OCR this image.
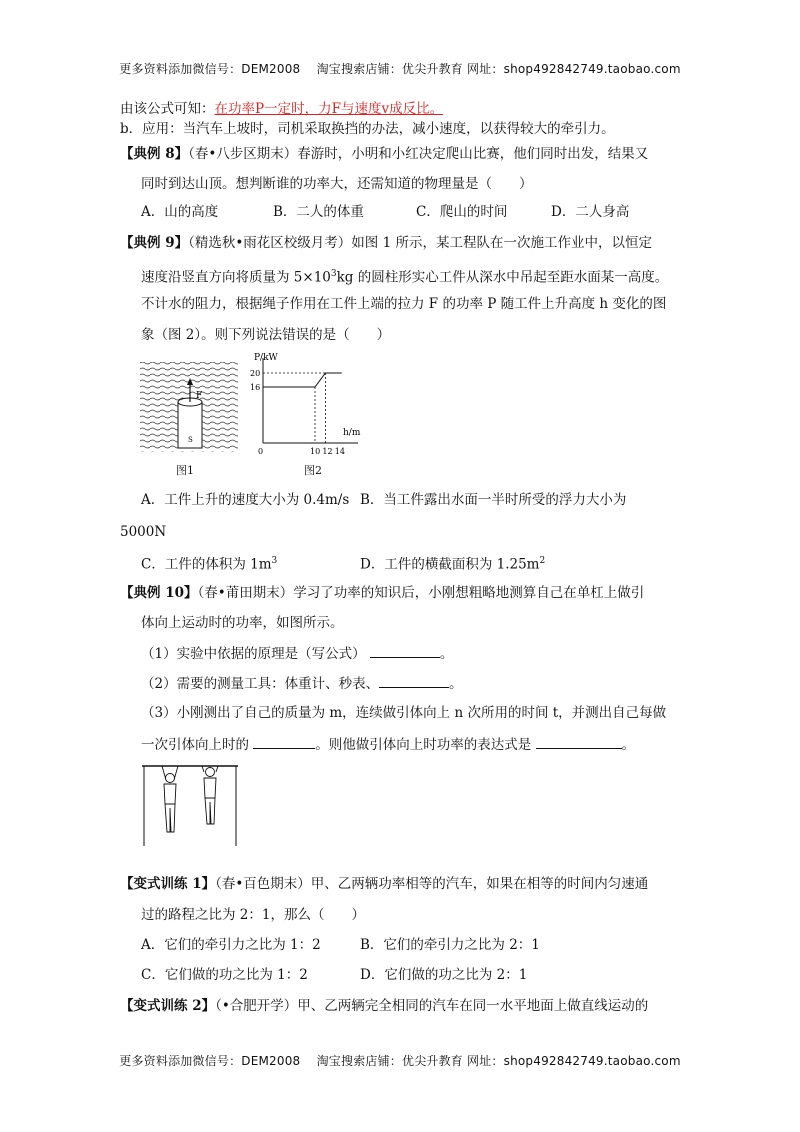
更多资料添加微信号：DEM2008　 淘宝搜索店铺：优尖升教育 网址：shop492842749.taobao.com
由该公式可知：在功率P一定时，力F与速度v成反比。
b．应用：当汽车上坡时，司机采取换挡的办法，减小速度，以获得较大的牵引力。
【典例 8】（春•八步区期末）春游时，小明和小红决定爬山比赛，他们同时出发，结果又
同时到达山顶。想判断谁的功率大，还需知道的物理量是（　　）
A．山的高度	B．二人的体重	C．爬山的时间	D．二人身高
【典例 9】（精选秋•雨花区校级月考）如图 1 所示，某工程队在一次施工作业中，以恒定
速度沿竖直方向将质量为 $5\times 10^3kg$ 的圆柱形实心工件从深水中吊起至距水面某一高度。
不计水的阻力，根据绳子作用在工件上端的拉力 F 的功率 P 随工件上升高度 h 变化的图
象（图 2）。则下列说法错误的是（　　）
F
S
图1
P/kW
h/m
0
20
16
10 12 14
图2
A．工件上升的速度大小为 0.4m/s B．当工件露出水面一半时所受的浮力大小为
5000N
C．工件的体积为 $1m^3$	D．工件的横截面积为 $1.25m^2$
【典例 10】（春•莆田期末）学习了功率的知识后，小刚想粗略地测算自己在单杠上做引
体向上运动时的功率，如图所示。
（1）实验中依据的原理是（写公式）	。
（2）需要的测量工具：体重计、秒表、	。
（3）小刚测出了自己的质量为 m，连续做引体向上 n 次所用的时间 t，并测出自己每做
一次引体向上时的	。则他做引体向上时功率的表达式是	。
【变式训练 1】（春•百色期末）甲、乙两辆功率相等的汽车，如果在相等的时间内匀速通
过的路程之比为 2：1，那么（　　）
A．它们的牵引力之比为 1：2	B．它们的牵引力之比为 2：1
C．它们做的功之比为 1：2	D．它们做的功之比为 2：1
【变式训练 2】（•合肥开学）甲、乙两辆完全相同的汽车在同一水平地面上做直线运动的
更多资料添加微信号：DEM2008　 淘宝搜索店铺：优尖升教育 网址：shop492842749.taobao.com
